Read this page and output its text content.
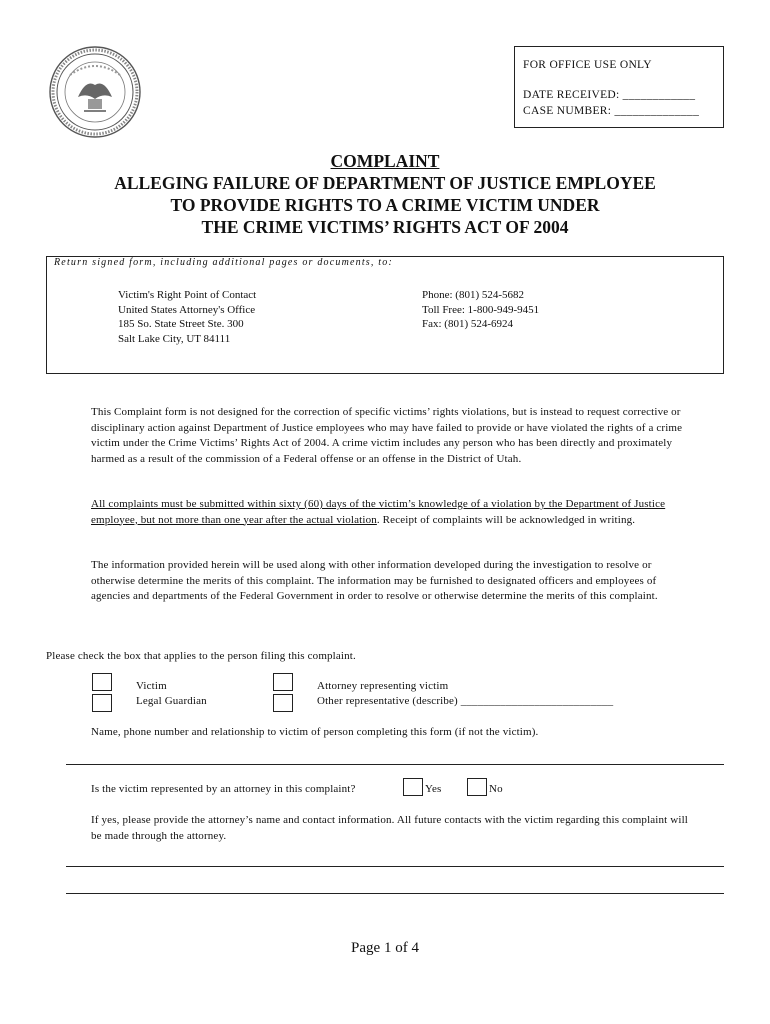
FOR OFFICE USE ONLY
DATE RECEIVED: ____________
CASE NUMBER: ______________
COMPLAINT
ALLEGING FAILURE OF DEPARTMENT OF JUSTICE EMPLOYEE
TO PROVIDE RIGHTS TO A CRIME VICTIM UNDER
THE CRIME VICTIMS’ RIGHTS ACT OF 2004
Return signed form, including additional pages or documents, to:
Victim's Right Point of Contact
United States Attorney's Office
185 So. State Street Ste. 300
Salt Lake City, UT 84111
Phone: (801) 524-5682
Toll Free: 1-800-949-9451
Fax: (801) 524-6924
This Complaint form is not designed for the correction of specific victims’ rights violations, but is instead to request corrective or disciplinary action against Department of Justice employees who may have failed to provide or have violated the rights of a crime victim under the Crime Victims’ Rights Act of 2004. A crime victim includes any person who has been directly and proximately harmed as a result of the commission of a Federal offense or an offense in the District of Utah.
All complaints must be submitted within sixty (60) days of the victim’s knowledge of a violation by the Department of Justice employee, but not more than one year after the actual violation. Receipt of complaints will be acknowledged in writing.
The information provided herein will be used along with other information developed during the investigation to resolve or otherwise determine the merits of this complaint. The information may be furnished to designated officers and employees of agencies and departments of the Federal Government in order to resolve or otherwise determine the merits of this complaint.
Please check the box that applies to the person filing this complaint.
Victim
Legal Guardian
Attorney representing victim
Other representative (describe) ___________________________
Name, phone number and relationship to victim of person completing this form (if not the victim).
Is the victim represented by an attorney in this complaint?	Yes	No
If yes, please provide the attorney’s name and contact information. All future contacts with the victim regarding this complaint will be made through the attorney.
Page 1 of 4
